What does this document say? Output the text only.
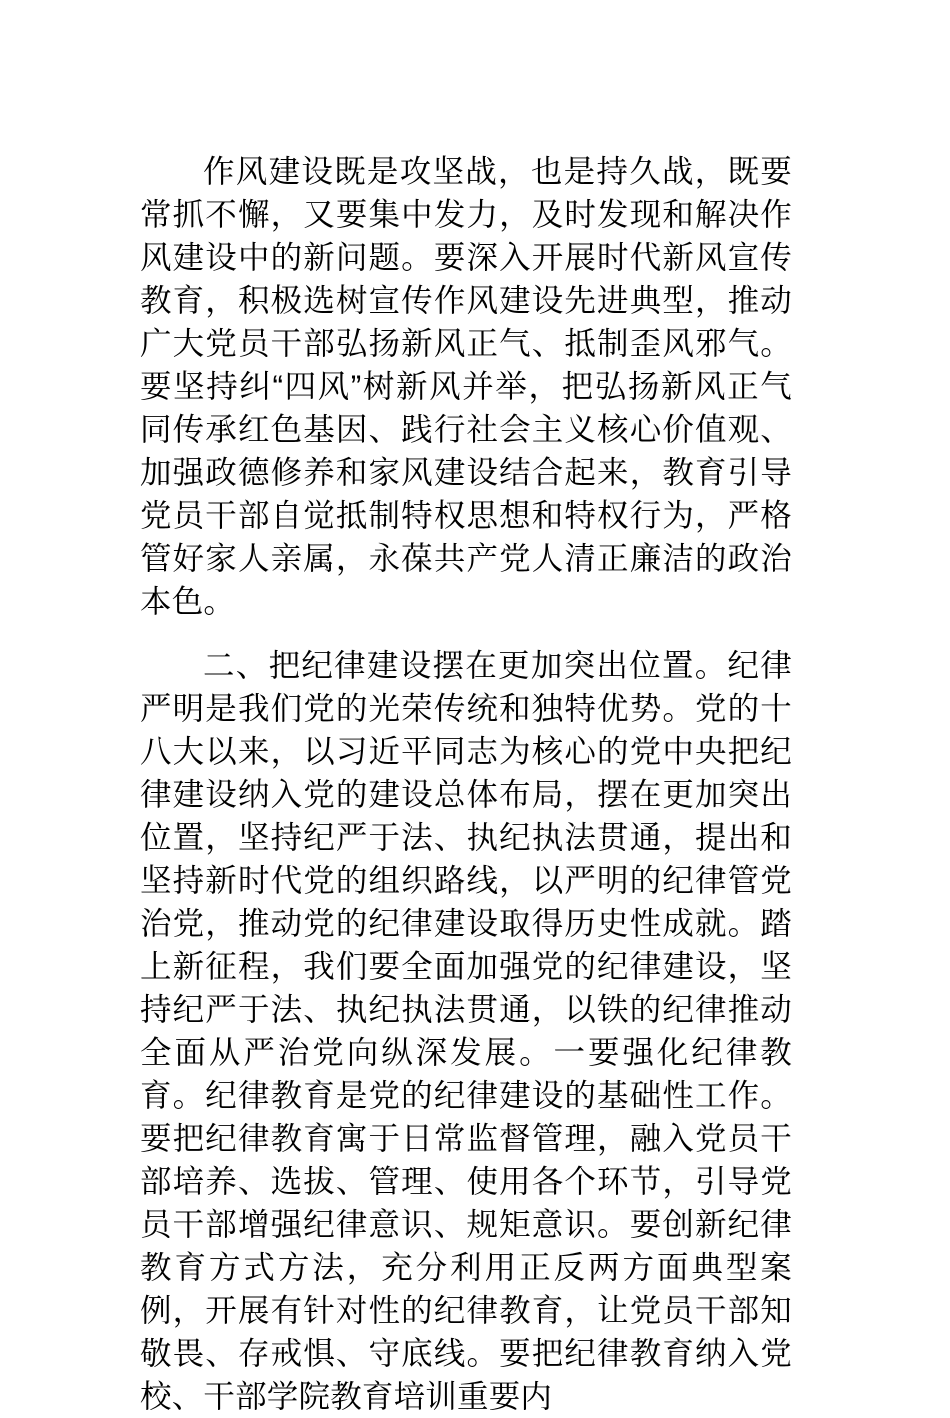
作风建设既是攻坚战，也是持久战，既要常抓不懈，又要集中发力，及时发现和解决作风建设中的新问题。要深入开展时代新风宣传教育，积极选树宣传作风建设先进典型，推动广大党员干部弘扬新风正气、抵制歪风邪气。要坚持纠“四风”树新风并举，把弘扬新风正气同传承红色基因、践行社会主义核心价值观、加强政德修养和家风建设结合起来，教育引导党员干部自觉抵制特权思想和特权行为，严格管好家人亲属，永葆共产党人清正廉洁的政治本色。

二、把纪律建设摆在更加突出位置。纪律严明是我们党的光荣传统和独特优势。党的十八大以来，以习近平同志为核心的党中央把纪律建设纳入党的建设总体布局，摆在更加突出位置，坚持纪严于法、执纪执法贯通，提出和坚持新时代党的组织路线，以严明的纪律管党治党，推动党的纪律建设取得历史性成就。踏上新征程，我们要全面加强党的纪律建设，坚持纪严于法、执纪执法贯通，以铁的纪律推动全面从严治党向纵深发展。一要强化纪律教育。纪律教育是党的纪律建设的基础性工作。要把纪律教育寓于日常监督管理，融入党员干部培养、选拔、管理、使用各个环节，引导党员干部增强纪律意识、规矩意识。要创新纪律教育方式方法，充分利用正反两方面典型案例，开展有针对性的纪律教育，让党员干部知敬畏、存戒惧、守底线。要把纪律教育纳入党校、干部学院教育培训重要内
